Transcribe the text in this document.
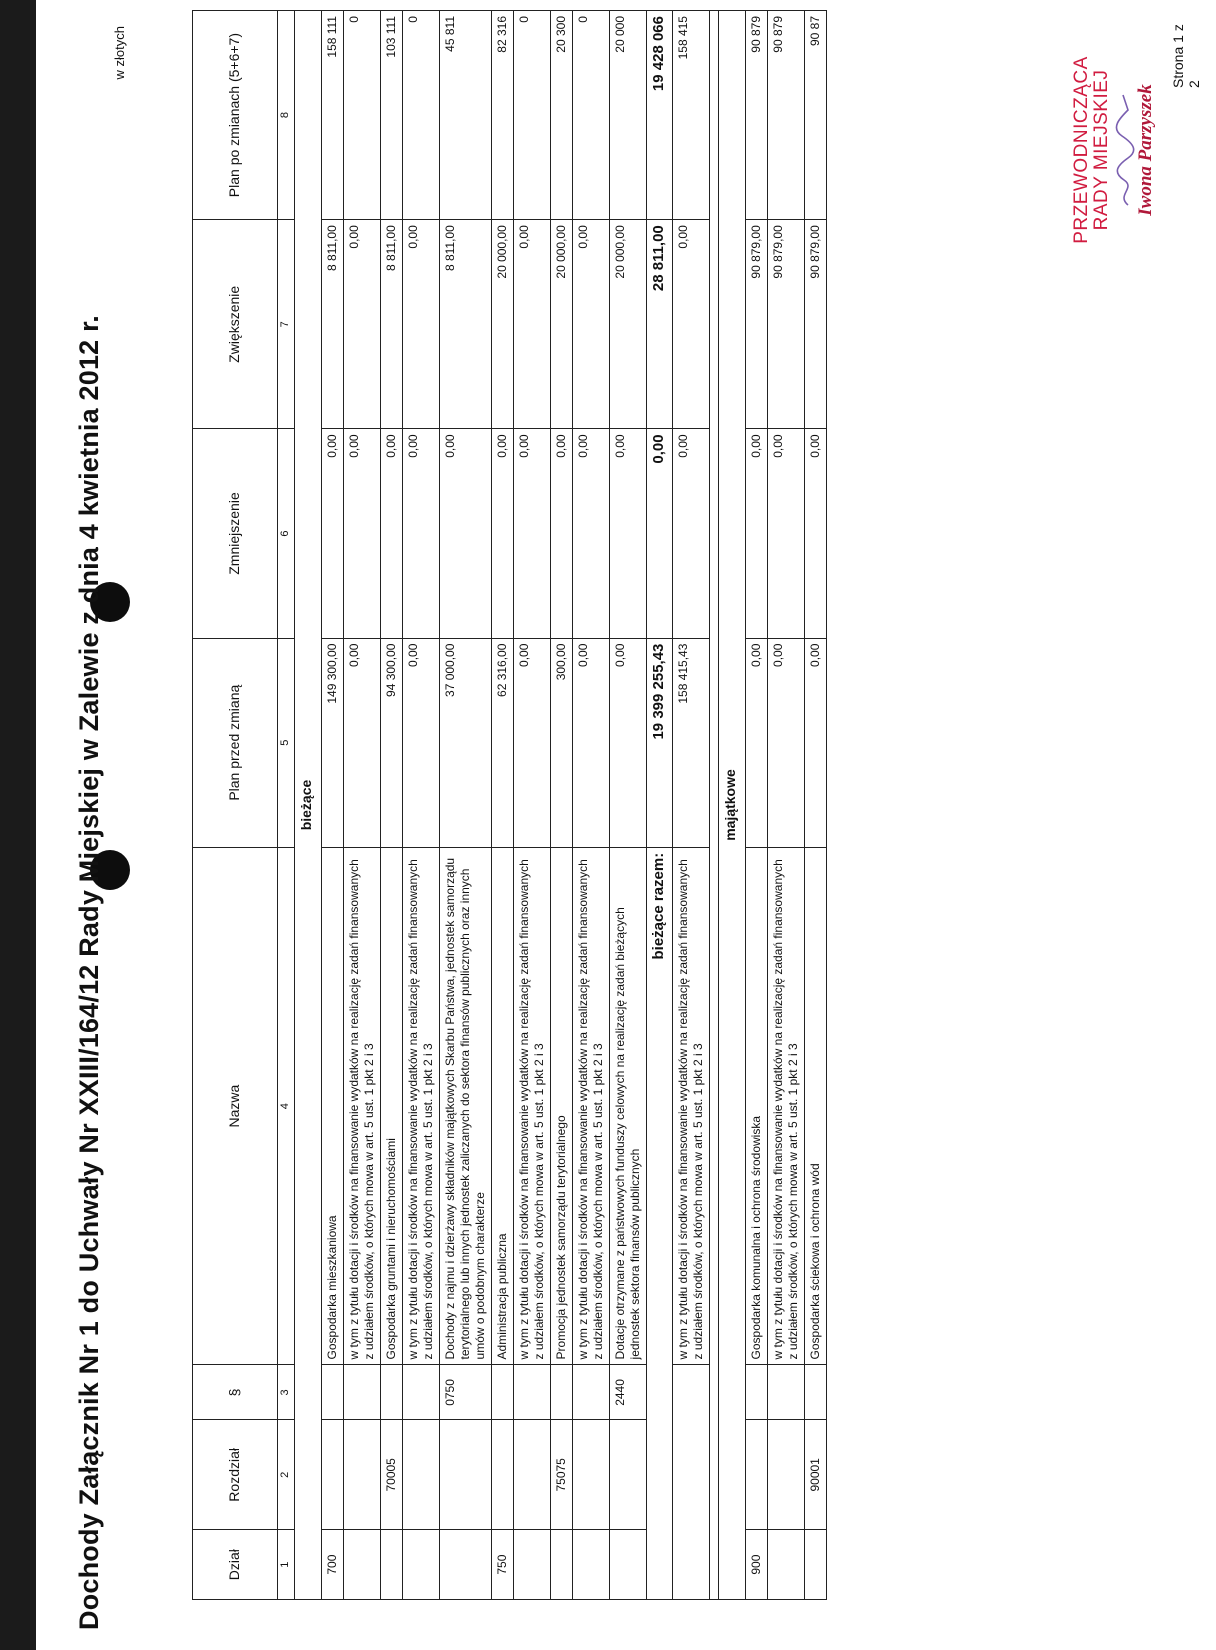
Dochody Załącznik Nr 1 do Uchwały Nr XXIII/164/12 Rady Miejskiej w Zalewie z dnia 4 kwietnia 2012 r.
w złotych
Dział	Rozdział	§	Nazwa	Plan przed zmianą	Zmniejszenie	Zwiększenie	Plan po zmianach (5+6+7)
1	2	3	4	5	6	7	8
bieżące							
700			Gospodarka mieszkaniowa	149 300,00	0,00	8 811,00	158 111
			w tym z tytułu dotacji i środków na finansowanie wydatków na realizację zadań finansowanych z udziałem środków, o których mowa w art. 5 ust. 1 pkt 2 i 3	0,00	0,00	0,00	0
	70005		Gospodarka gruntami i nieruchomościami	94 300,00	0,00	8 811,00	103 111
			w tym z tytułu dotacji i środków na finansowanie wydatków na realizację zadań finansowanych z udziałem środków, o których mowa w art. 5 ust. 1 pkt 2 i 3	0,00	0,00	0,00	0
		0750	Dochody z najmu i dzierżawy składników majątkowych Skarbu Państwa, jednostek samorządu terytorialnego lub innych jednostek zaliczanych do sektora finansów publicznych oraz innych umów o podobnym charakterze	37 000,00	0,00	8 811,00	45 811
750			Administracja publiczna	62 316,00	0,00	20 000,00	82 316
			w tym z tytułu dotacji i środków na finansowanie wydatków na realizację zadań finansowanych z udziałem środków, o których mowa w art. 5 ust. 1 pkt 2 i 3	0,00	0,00	0,00	0
	75075		Promocja jednostek samorządu terytorialnego	300,00	0,00	20 000,00	20 300
			w tym z tytułu dotacji i środków na finansowanie wydatków na realizację zadań finansowanych z udziałem środków, o których mowa w art. 5 ust. 1 pkt 2 i 3	0,00	0,00	0,00	0
		2440	Dotacje otrzymane z państwowych funduszy celowych na realizację zadań bieżących jednostek sektora finansów publicznych	0,00	0,00	20 000,00	20 000
bieżące razem:				19 399 255,43	0,00	28 811,00	19 428 066
			w tym z tytułu dotacji i środków na finansowanie wydatków na realizację zadań finansowanych z udziałem środków, o których mowa w art. 5 ust. 1 pkt 2 i 3	158 415,43	0,00	0,00	158 415

majątkowe							
900			Gospodarka komunalna i ochrona środowiska	0,00	0,00	90 879,00	90 879
			w tym z tytułu dotacji i środków na finansowanie wydatków na realizację zadań finansowanych z udziałem środków, o których mowa w art. 5 ust. 1 pkt 2 i 3	0,00	0,00	90 879,00	90 879
	90001		Gospodarka ściekowa i ochrona wód	0,00	0,00	90 879,00	90 87
PRZEWODNICZĄCA
RADY MIEJSKIEJ Iwona Parzyszek
Strona 1 z 2
